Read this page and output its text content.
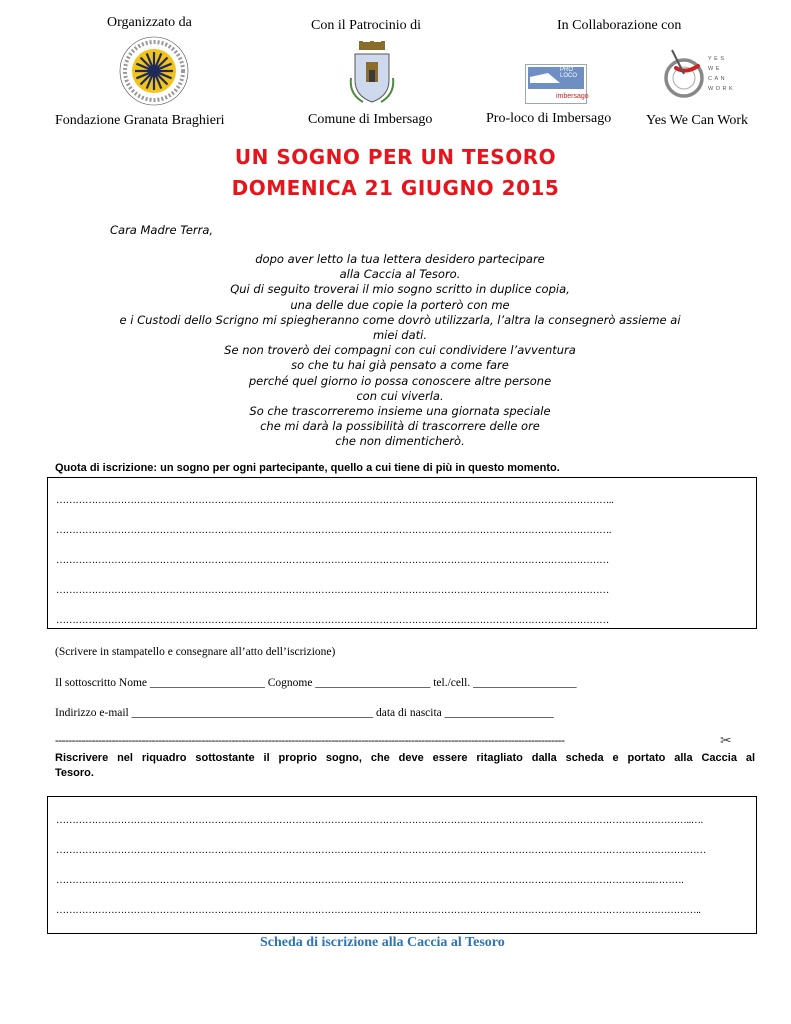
Organizzato da	Con il Patrocinio di	In Collaborazione con
PRO LOCO
imbersago
YES
WE
CAN
WORK
Fondazione Granata Braghieri	Comune di Imbersago	Pro-loco di Imbersago Yes We Can Work
UN SOGNO PER UN TESORO
DOMENICA 21 GIUGNO 2015
Cara Madre Terra,
dopo aver letto la tua lettera desidero partecipare
alla Caccia al Tesoro.
Qui di seguito troverai il mio sogno scritto in duplice copia,
una delle due copie la porterò con me
e i Custodi dello Scrigno mi spiegheranno come dovrò utilizzarla, l’altra la consegnerò assieme ai
miei dati.
Se non troverò dei compagni con cui condividere l’avventura
so che tu hai già pensato a come fare
perché quel giorno io possa conoscere altre persone
con cui viverla.
So che trascorreremo insieme una giornata speciale
che mi darà la possibilità di trascorrere delle ore
che non dimenticherò.
Quota di iscrizione: un sogno per ogni partecipante, quello a cui tiene di più in questo momento.
………………………………………………………………………………………………………………………………………………………..
……………………………………………………………………………………………………………………………………………………….
………………………………………………………………………………………………………………………………………………………
………………………………………………………………………………………………………………………………………………………
………………………………………………………………………………………………………………………………………………………
(Scrivere in stampatello e consegnare all’atto dell’iscrizione)
Il sottoscritto Nome ____________________ Cognome ____________________ tel./cell. __________________
Indirizzo e-mail __________________________________________ data di nascita ___________________
---------------------------------------------------------------------------------------------------------------------------------------------------------	✂
Riscrivere nel riquadro sottostante il proprio sogno, che deve essere ritagliato dalla scheda e portato alla Caccia al
Tesoro.
……………………………………………………………………………………………………………………………………………………………………………..….
…………………………………………………………………………………………………………………………………………………………………………………
…………………………………………………………………………………………………………………………………………………………………..……….
………………………………………………………………………………………………………………………………………………………………………………..
Scheda di iscrizione alla Caccia al Tesoro
